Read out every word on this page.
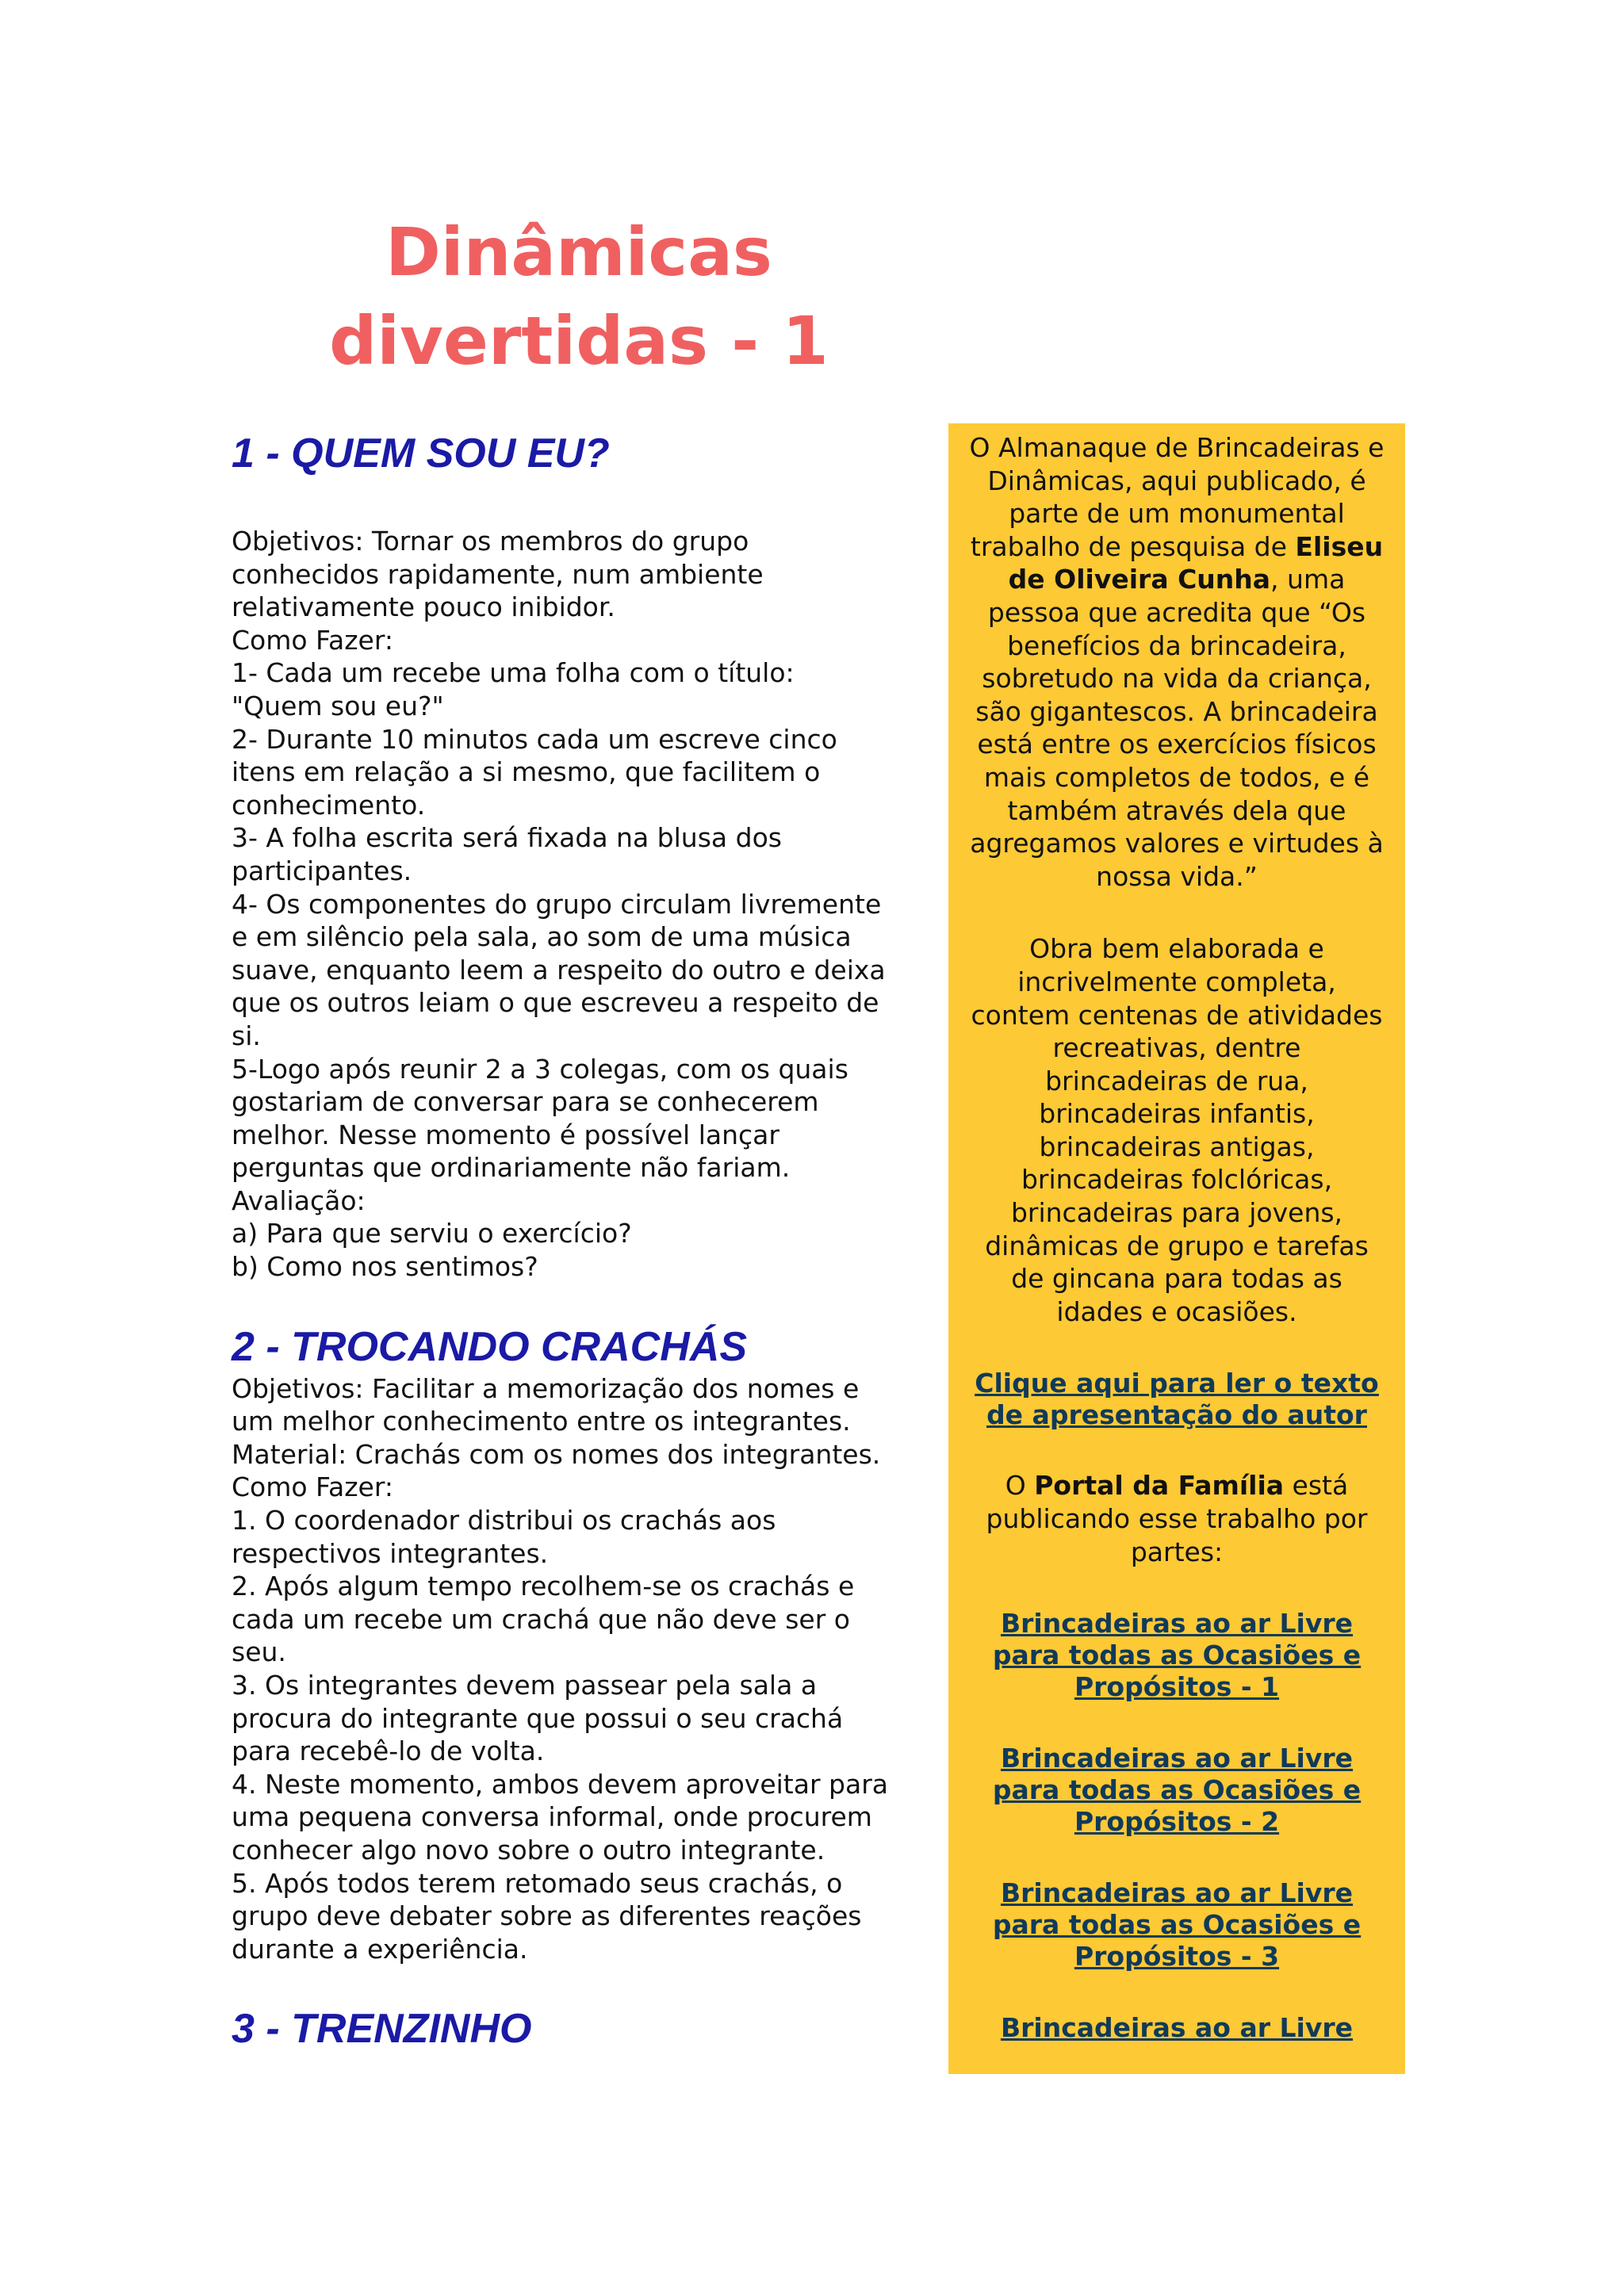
Dinâmicas
divertidas - 1
1 - QUEM SOU EU?
Objetivos: Tornar os membros do grupo
conhecidos rapidamente, num ambiente
relativamente pouco inibidor.
Como Fazer:
1- Cada um recebe uma folha com o título:
"Quem sou eu?"
2- Durante 10 minutos cada um escreve cinco
itens em relação a si mesmo, que facilitem o
conhecimento.
3- A folha escrita será fixada na blusa dos
participantes.
4- Os componentes do grupo circulam livremente
e em silêncio pela sala, ao som de uma música
suave, enquanto leem a respeito do outro e deixa
que os outros leiam o que escreveu a respeito de
si.
5-Logo após reunir 2 a 3 colegas, com os quais
gostariam de conversar para se conhecerem
melhor. Nesse momento é possível lançar
perguntas que ordinariamente não fariam.
Avaliação:
a) Para que serviu o exercício?
b) Como nos sentimos?
2 - TROCANDO CRACHÁS
Objetivos: Facilitar a memorização dos nomes e
um melhor conhecimento entre os integrantes.
Material: Crachás com os nomes dos integrantes.
Como Fazer:
1. O coordenador distribui os crachás aos
respectivos integrantes.
2. Após algum tempo recolhem-se os crachás e
cada um recebe um crachá que não deve ser o
seu.
3. Os integrantes devem passear pela sala a
procura do integrante que possui o seu crachá
para recebê-lo de volta.
4. Neste momento, ambos devem aproveitar para
uma pequena conversa informal, onde procurem
conhecer algo novo sobre o outro integrante.
5. Após todos terem retomado seus crachás, o
grupo deve debater sobre as diferentes reações
durante a experiência.
3 - TRENZINHO
O Almanaque de Brincadeiras e
Dinâmicas, aqui publicado, é
parte de um monumental
trabalho de pesquisa de Eliseu
de Oliveira Cunha, uma
pessoa que acredita que “Os
benefícios da brincadeira,
sobretudo na vida da criança,
são gigantescos. A brincadeira
está entre os exercícios físicos
mais completos de todos, e é
também através dela que
agregamos valores e virtudes à
nossa vida.”
Obra bem elaborada e
incrivelmente completa,
contem centenas de atividades
recreativas, dentre
brincadeiras de rua,
brincadeiras infantis,
brincadeiras antigas,
brincadeiras folclóricas,
brincadeiras para jovens,
dinâmicas de grupo e tarefas
de gincana para todas as
idades e ocasiões.
Clique aqui para ler o texto
de apresentação do autor
O Portal da Família está
publicando esse trabalho por
partes:
Brincadeiras ao ar Livre
para todas as Ocasiões e
Propósitos - 1
Brincadeiras ao ar Livre
para todas as Ocasiões e
Propósitos - 2
Brincadeiras ao ar Livre
para todas as Ocasiões e
Propósitos - 3
Brincadeiras ao ar Livre
